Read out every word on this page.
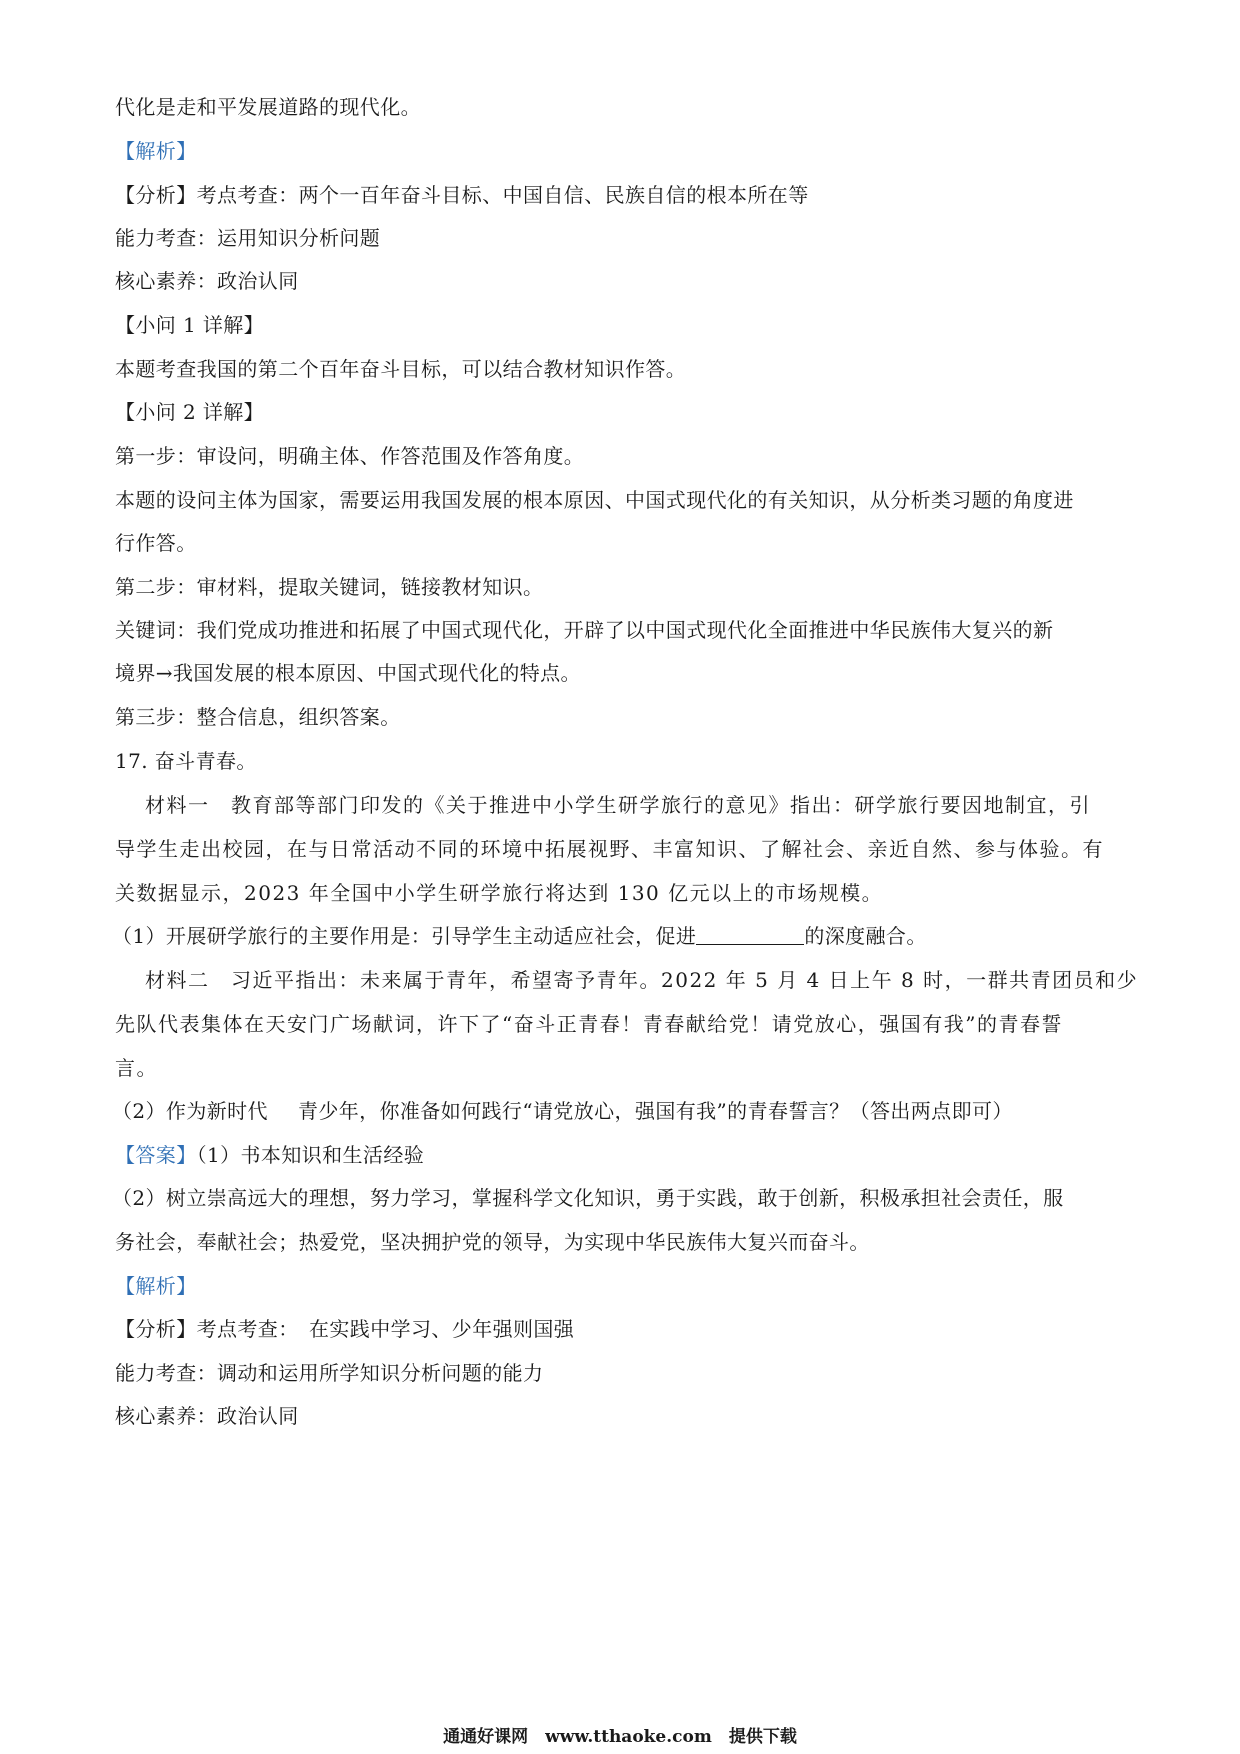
代化是走和平发展道路的现代化。
【解析】
【分析】考点考查：两个一百年奋斗目标、中国自信、民族自信的根本所在等
能力考查：运用知识分析问题
核心素养：政治认同
【小问 1 详解】
本题考查我国的第二个百年奋斗目标，可以结合教材知识作答。
【小问 2 详解】
第一步：审设问，明确主体、作答范围及作答角度。
本题的设问主体为国家，需要运用我国发展的根本原因、中国式现代化的有关知识，从分析类习题的角度进
行作答。
第二步：审材料，提取关键词，链接教材知识。
关键词：我们党成功推进和拓展了中国式现代化，开辟了以中国式现代化全面推进中华民族伟大复兴的新
境界→我国发展的根本原因、中国式现代化的特点。
第三步：整合信息，组织答案。
17. 奋斗青春。
材料一　教育部等部门印发的《关于推进中小学生研学旅行的意见》指出：研学旅行要因地制宜，引
导学生走出校园，在与日常活动不同的环境中拓展视野、丰富知识、了解社会、亲近自然、参与体验。有
关数据显示，2023 年全国中小学生研学旅行将达到 130 亿元以上的市场规模。
（1）开展研学旅行的主要作用是：引导学生主动适应社会，促进	的深度融合。
材料二　习近平指出：未来属于青年，希望寄予青年。2022 年 5 月 4 日上午 8 时，一群共青团员和少
先队代表集体在天安门广场献词，许下了“奋斗正青春！青春献给党！请党放心，强国有我”的青春誓
言。
（2）作为新时代 青少年，你准备如何践行“请党放心，强国有我”的青春誓言？（答出两点即可）
【答案】（1）书本知识和生活经验
（2）树立崇高远大的理想，努力学习，掌握科学文化知识，勇于实践，敢于创新，积极承担社会责任，服
务社会，奉献社会；热爱党，坚决拥护党的领导，为实现中华民族伟大复兴而奋斗。
【解析】
【分析】考点考查：　在实践中学习、少年强则国强
能力考查：调动和运用所学知识分析问题的能力
核心素养：政治认同
通通好课网　www.tthaoke.com　提供下载
